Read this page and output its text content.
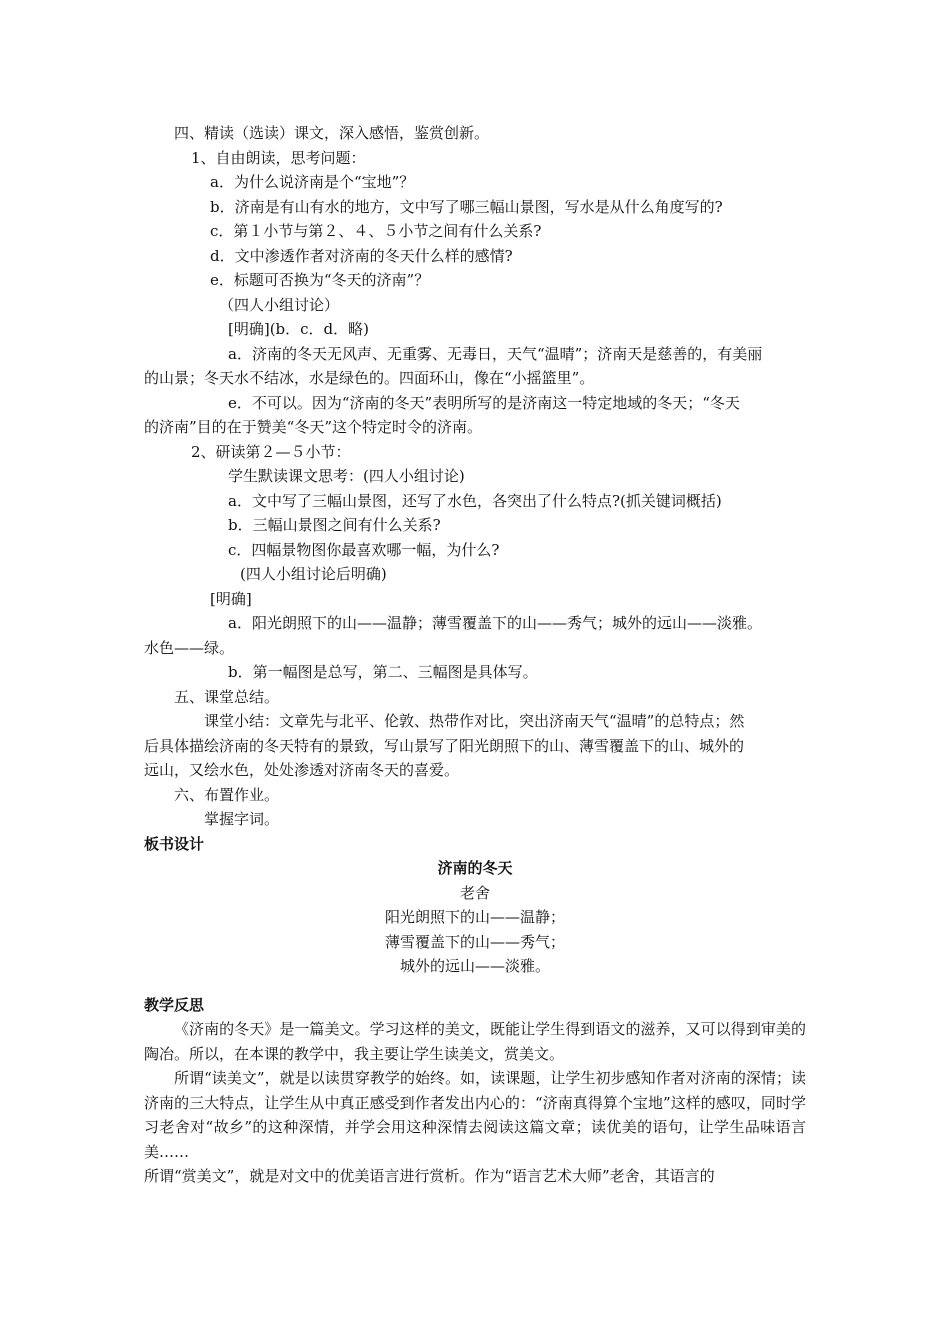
四、精读（选读）课文，深入感悟，鉴赏创新。
1、自由朗读，思考问题：
a．为什么说济南是个“宝地”？
b．济南是有山有水的地方，文中写了哪三幅山景图，写水是从什么角度写的?
c．第１小节与第２、４、５小节之间有什么关系?
d．文中渗透作者对济南的冬天什么样的感情?
e．标题可否换为“冬天的济南”？
（四人小组讨论）
[明确](b．c．d．略)
a．济南的冬天无风声、无重雾、无毒日，天气“温晴”；济南天是慈善的，有美丽
的山景；冬天水不结冰，水是绿色的。四面环山，像在“小摇篮里”。
e．不可以。因为“济南的冬天”表明所写的是济南这一特定地域的冬天；“冬天
的济南”目的在于赞美“冬天”这个特定时令的济南。
2、研读第２—５小节：
学生默读课文思考：(四人小组讨论)
a．文中写了三幅山景图，还写了水色，各突出了什么特点?(抓关键词概括)
b．三幅山景图之间有什么关系?
c．四幅景物图你最喜欢哪一幅，为什么?
(四人小组讨论后明确)
[明确]
a．阳光朗照下的山——温静；薄雪覆盖下的山——秀气；城外的远山——淡雅。
水色——绿。
b．第一幅图是总写，第二、三幅图是具体写。
五、课堂总结。
课堂小结：文章先与北平、伦敦、热带作对比，突出济南天气“温晴”的总特点；然
后具体描绘济南的冬天特有的景致，写山景写了阳光朗照下的山、薄雪覆盖下的山、城外的
远山，又绘水色，处处渗透对济南冬天的喜爱。
六、布置作业。
掌握字词。
板书设计
济南的冬天
老舍
阳光朗照下的山——温静；
薄雪覆盖下的山——秀气；
城外的远山——淡雅。
教学反思
《济南的冬天》是一篇美文。学习这样的美文，既能让学生得到语文的滋养，又可以得到审美的陶冶。所以，在本课的教学中，我主要让学生读美文，赏美文。
所谓“读美文”，就是以读贯穿教学的始终。如，读课题，让学生初步感知作者对济南的深情；读济南的三大特点，让学生从中真正感受到作者发出内心的：“济南真得算个宝地”这样的感叹，同时学习老舍对“故乡”的这种深情，并学会用这种深情去阅读这篇文章；读优美的语句，让学生品味语言美……
所谓“赏美文”，就是对文中的优美语言进行赏析。作为“语言艺术大师”老舍，其语言的
